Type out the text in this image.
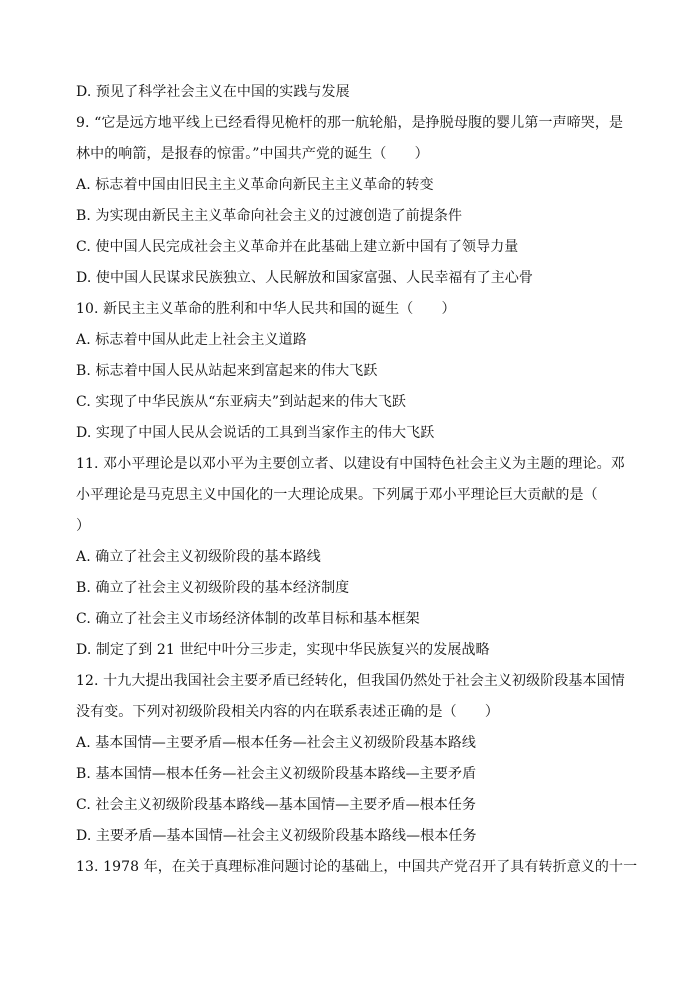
D. 预见了科学社会主义在中国的实践与发展
9. “它是远方地平线上已经看得见桅杆的那一航轮船，是挣脱母腹的婴儿第一声啼哭，是
林中的响箭，是报春的惊雷。”中国共产党的诞生（　　）
A. 标志着中国由旧民主主义革命向新民主主义革命的转变
B. 为实现由新民主主义革命向社会主义的过渡创造了前提条件
C. 使中国人民完成社会主义革命并在此基础上建立新中国有了领导力量
D. 使中国人民谋求民族独立、人民解放和国家富强、人民幸福有了主心骨
10. 新民主主义革命的胜利和中华人民共和国的诞生（　　）
A. 标志着中国从此走上社会主义道路
B. 标志着中国人民从站起来到富起来的伟大飞跃
C. 实现了中华民族从“东亚病夫”到站起来的伟大飞跃
D. 实现了中国人民从会说话的工具到当家作主的伟大飞跃
11. 邓小平理论是以邓小平为主要创立者、以建设有中国特色社会主义为主题的理论。邓
小平理论是马克思主义中国化的一大理论成果。下列属于邓小平理论巨大贡献的是（
）
A. 确立了社会主义初级阶段的基本路线
B. 确立了社会主义初级阶段的基本经济制度
C. 确立了社会主义市场经济体制的改革目标和基本框架
D. 制定了到 21 世纪中叶分三步走，实现中华民族复兴的发展战略
12. 十九大提出我国社会主要矛盾已经转化，但我国仍然处于社会主义初级阶段基本国情
没有变。下列对初级阶段相关内容的内在联系表述正确的是（　　）
A. 基本国情—主要矛盾—根本任务—社会主义初级阶段基本路线
B. 基本国情—根本任务—社会主义初级阶段基本路线—主要矛盾
C. 社会主义初级阶段基本路线—基本国情—主要矛盾—根本任务
D. 主要矛盾—基本国情—社会主义初级阶段基本路线—根本任务
13. 1978 年，在关于真理标准问题讨论的基础上，中国共产党召开了具有转折意义的十一
